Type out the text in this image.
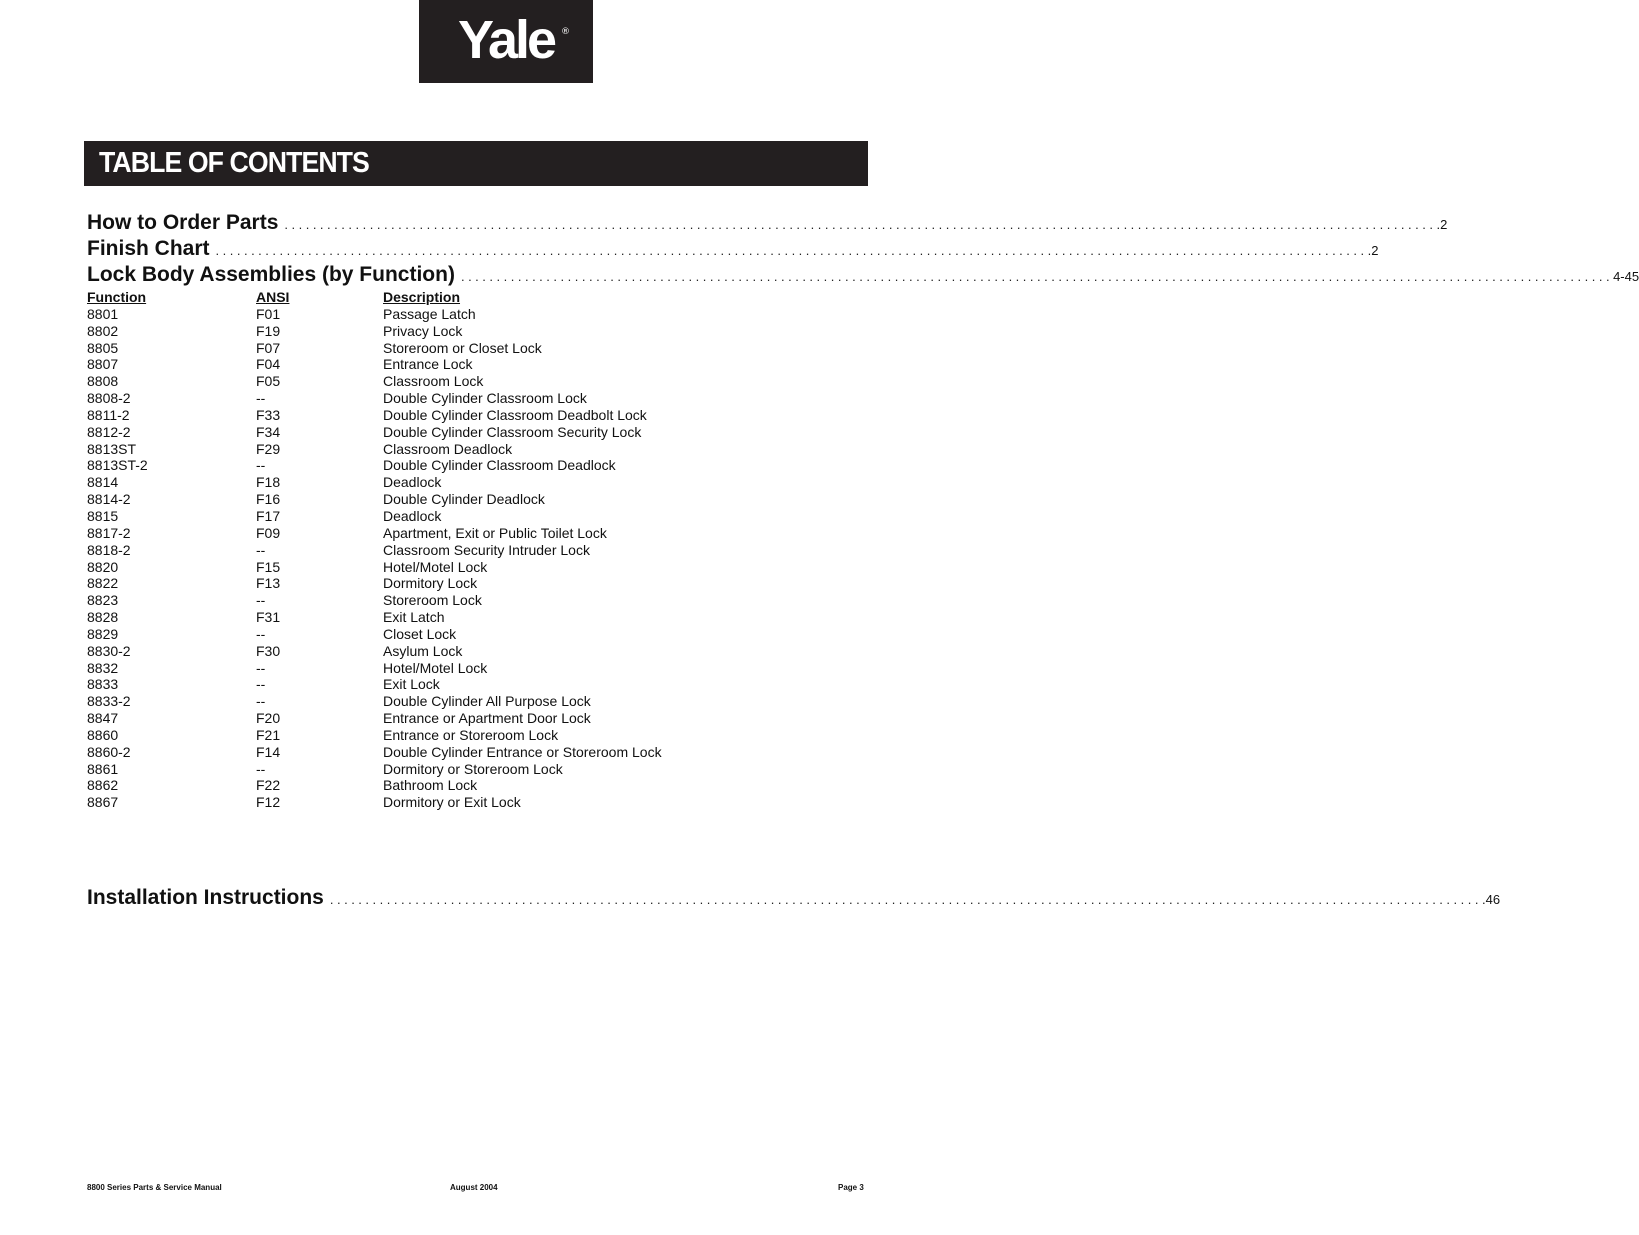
Yale ®
TABLE OF CONTENTS
How to Order Parts .................................................................................................................................................................. .2
Finish Chart .................................................................................................................................................................. .2
Lock Body Assemblies (by Function) .................................................................................................................................................................. 4-45
Function	ANSI	Description
8801	F01	Passage Latch
8802	F19	Privacy Lock
8805	F07	Storeroom or Closet Lock
8807	F04	Entrance Lock
8808	F05	Classroom Lock
8808-2	--	Double Cylinder Classroom Lock
8811-2	F33	Double Cylinder Classroom Deadbolt Lock
8812-2	F34	Double Cylinder Classroom Security Lock
8813ST	F29	Classroom Deadlock
8813ST-2	--	Double Cylinder Classroom Deadlock
8814	F18	Deadlock
8814-2	F16	Double Cylinder Deadlock
8815	F17	Deadlock
8817-2	F09	Apartment, Exit or Public Toilet Lock
8818-2	--	Classroom Security Intruder Lock
8820	F15	Hotel/Motel Lock
8822	F13	Dormitory Lock
8823	--	Storeroom Lock
8828	F31	Exit Latch
8829	--	Closet Lock
8830-2	F30	Asylum Lock
8832	--	Hotel/Motel Lock
8833	--	Exit Lock
8833-2	--	Double Cylinder All Purpose Lock
8847	F20	Entrance or Apartment Door Lock
8860	F21	Entrance or Storeroom Lock
8860-2	F14	Double Cylinder Entrance or Storeroom Lock
8861	--	Dormitory or Storeroom Lock
8862	F22	Bathroom Lock
8867	F12	Dormitory or Exit Lock
Installation Instructions .................................................................................................................................................................. .46
8800 Series Parts & Service Manual	August 2004	Page 3
